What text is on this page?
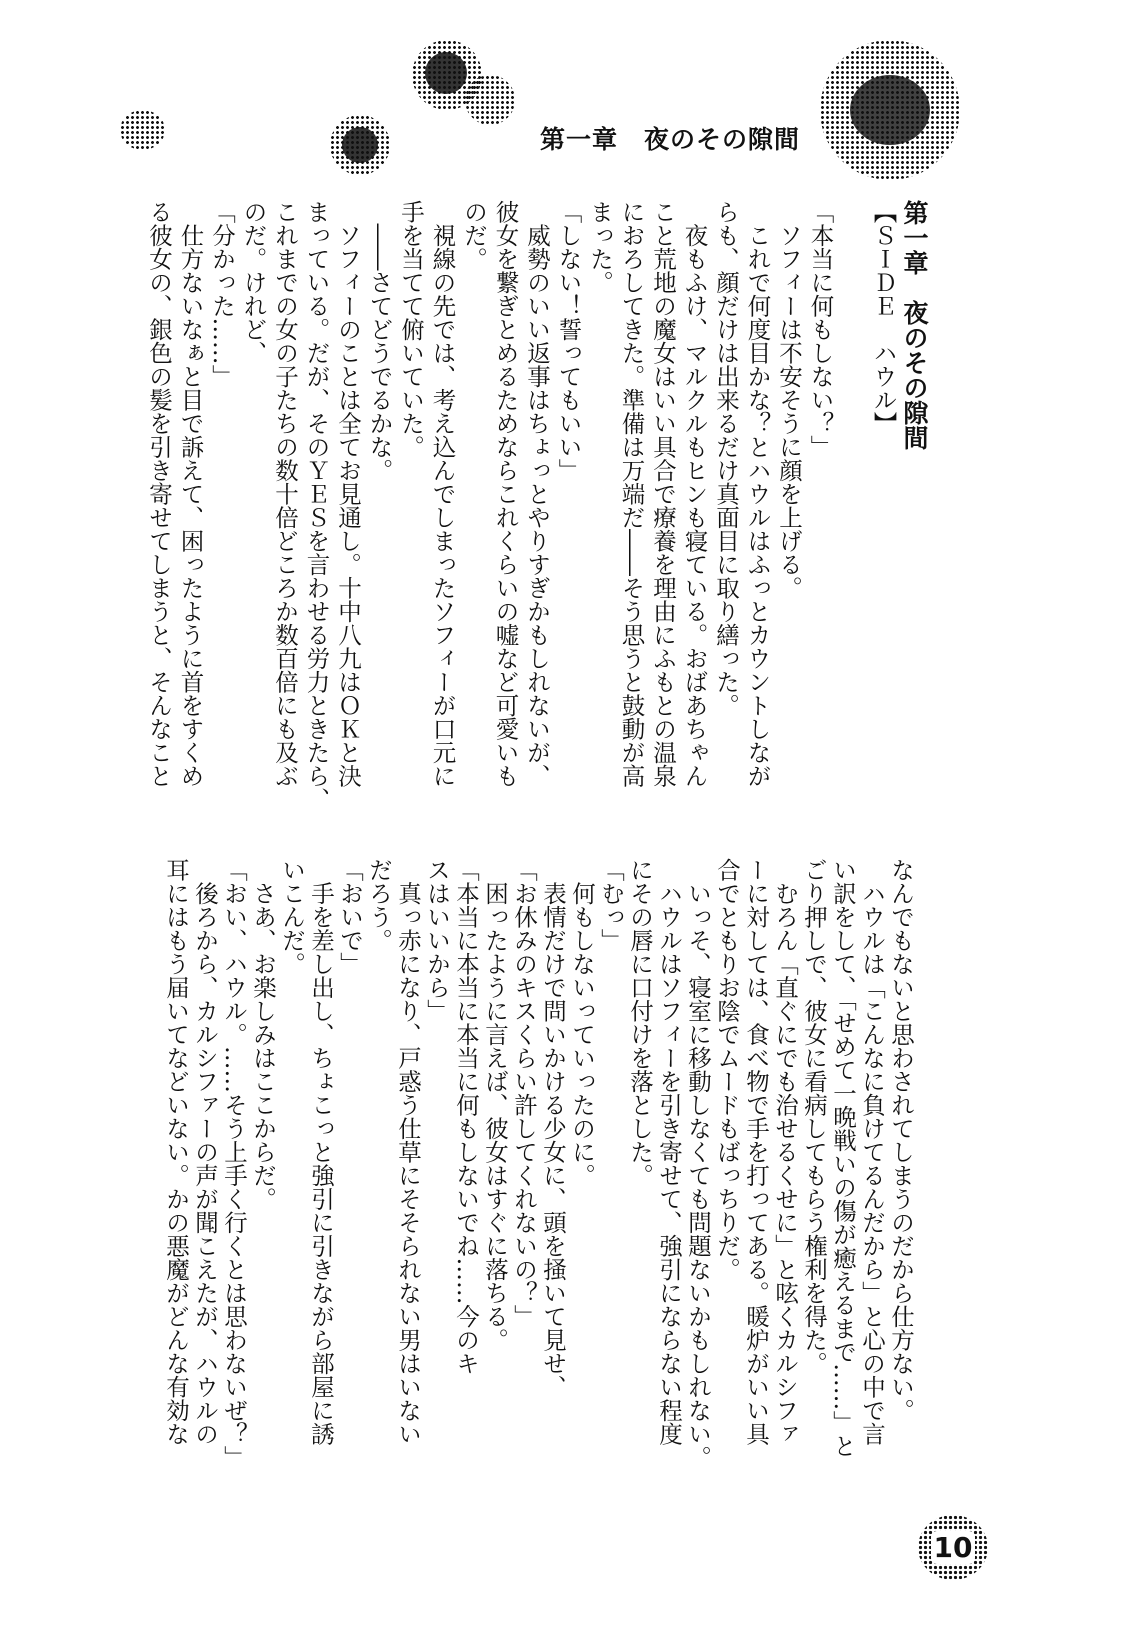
第一章　夜のその隙間
第一章　夜のその隙間
【ＳＩＤＥ　ハウル】

「本当に何もしない？」
　ソフィーは不安そうに顔を上げる。
　これで何度目かな？とハウルはふっとカウントしなが
らも、顔だけは出来るだけ真面目に取り繕った。
　夜もふけ、マルクルもヒンも寝ている。おばあちゃん
こと荒地の魔女はいい具合で療養を理由にふもとの温泉
におろしてきた。準備は万端だ――そう思うと鼓動が高
まった。
「しない！誓ってもいい」
　威勢のいい返事はちょっとやりすぎかもしれないが、
彼女を繋ぎとめるためならこれくらいの嘘など可愛いも
のだ。
　視線の先では、考え込んでしまったソフィーが口元に
手を当てて俯いていた。
　――さてどうでるかな。
　ソフィーのことは全てお見通し。十中八九はＯＫと決
まっている。だが、そのＹＥＳを言わせる労力ときたら、
これまでの女の子たちの数十倍どころか数百倍にも及ぶ
のだ。けれど、
「分かった……」
　仕方ないなぁと目で訴えて、困ったように首をすくめ
る彼女の、銀色の髪を引き寄せてしまうと、そんなこと
なんでもないと思わされてしまうのだから仕方ない。
　ハウルは「こんなに負けてるんだから」と心の中で言
い訳をして、「せめて一晩戦いの傷が癒えるまで……」と
ごり押しで、彼女に看病してもらう権利を得た。
　むろん「直ぐにでも治せるくせに」と呟くカルシファ
ーに対しては、食べ物で手を打ってある。暖炉がいい具
合でともりお陰でムードもばっちりだ。
　いっそ、寝室に移動しなくても問題ないかもしれない。
　ハウルはソフィーを引き寄せて、強引にならない程度
にその唇に口付けを落とした。
「むっ」
　何もしないっていったのに。
　表情だけで問いかける少女に、頭を掻いて見せ、
「お休みのキスくらい許してくれないの？」
　困ったように言えば、彼女はすぐに落ちる。
「本当に本当に本当に何もしないでね……今のキ
スはいいから」
　真っ赤になり、戸惑う仕草にそそられない男はいない
だろう。
「おいで」
　手を差し出し、ちょこっと強引に引きながら部屋に誘
いこんだ。
　さあ、お楽しみはここからだ。
「おい、ハウル。……そう上手く行くとは思わないぜ？」
　後ろから、カルシファーの声が聞こえたが、ハウルの
耳にはもう届いてなどいない。かの悪魔がどんな有効な
10
